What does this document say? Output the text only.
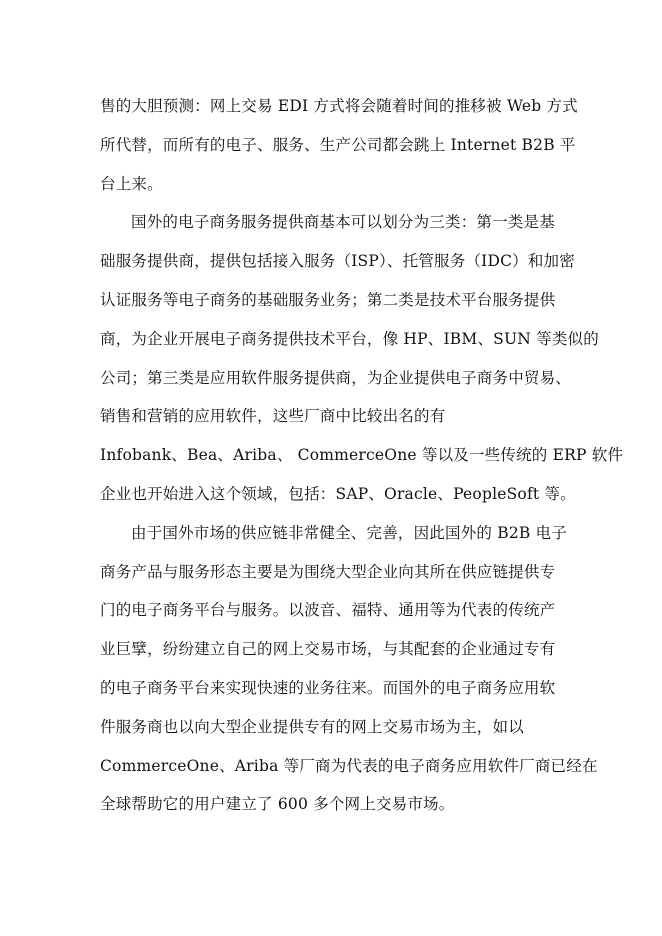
售的大胆预测：网上交易 EDI 方式将会随着时间的推移被 Web 方式
所代替，而所有的电子、服务、生产公司都会跳上 Internet B2B 平
台上来。
国外的电子商务服务提供商基本可以划分为三类：第一类是基
础服务提供商，提供包括接入服务（ISP）、托管服务（IDC）和加密
认证服务等电子商务的基础服务业务；第二类是技术平台服务提供
商，为企业开展电子商务提供技术平台，像 HP、IBM、SUN 等类似的
公司；第三类是应用软件服务提供商，为企业提供电子商务中贸易、
销售和营销的应用软件，这些厂商中比较出名的有
Infobank、Bea、Ariba、 CommerceOne 等以及一些传统的 ERP 软件
企业也开始进入这个领域，包括：SAP、Oracle、PeopleSoft 等。
由于国外市场的供应链非常健全、完善，因此国外的 B2B 电子
商务产品与服务形态主要是为围绕大型企业向其所在供应链提供专
门的电子商务平台与服务。以波音、福特、通用等为代表的传统产
业巨擘，纷纷建立自己的网上交易市场，与其配套的企业通过专有
的电子商务平台来实现快速的业务往来。而国外的电子商务应用软
件服务商也以向大型企业提供专有的网上交易市场为主，如以
CommerceOne、Ariba 等厂商为代表的电子商务应用软件厂商已经在
全球帮助它的用户建立了 600 多个网上交易市场。
